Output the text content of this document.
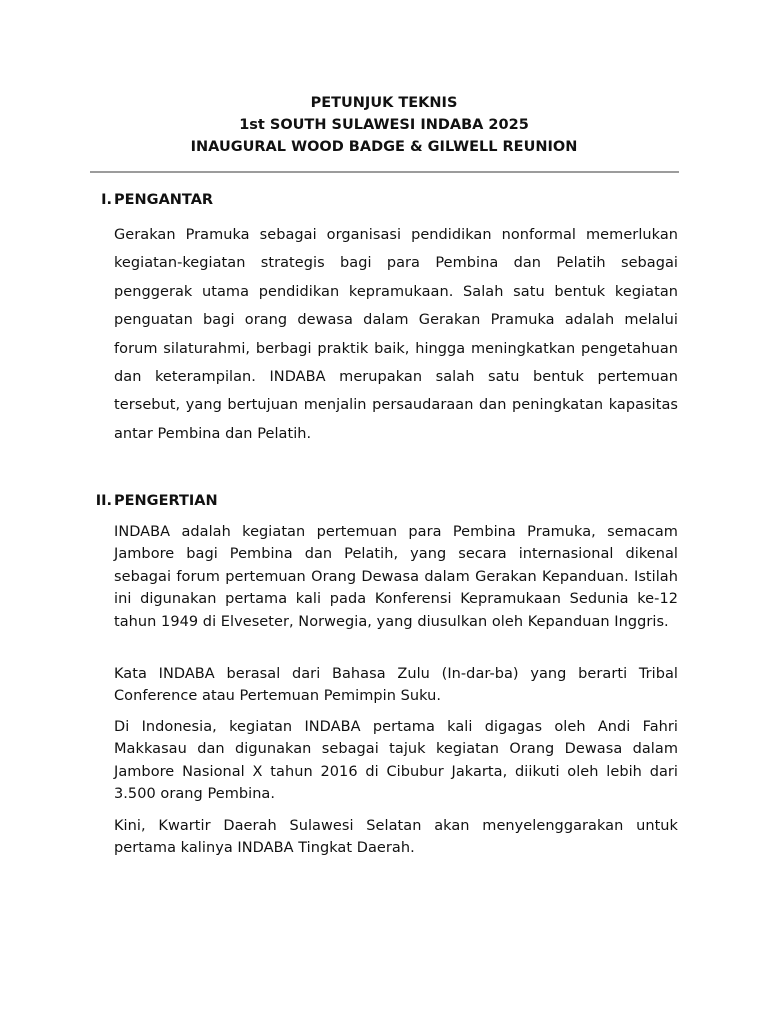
PETUNJUK TEKNIS
1st SOUTH SULAWESI INDABA 2025
INAUGURAL WOOD BADGE & GILWELL REUNION
I. PENGANTAR
Gerakan Pramuka sebagai organisasi pendidikan nonformal memerlukan kegiatan-kegiatan strategis bagi para Pembina dan Pelatih sebagai penggerak utama pendidikan kepramukaan. Salah satu bentuk kegiatan penguatan bagi orang dewasa dalam Gerakan Pramuka adalah melalui forum silaturahmi, berbagi praktik baik, hingga meningkatkan pengetahuan dan keterampilan. INDABA merupakan salah satu bentuk pertemuan tersebut, yang bertujuan menjalin persaudaraan dan peningkatan kapasitas antar Pembina dan Pelatih.
II. PENGERTIAN
INDABA adalah kegiatan pertemuan para Pembina Pramuka, semacam Jambore bagi Pembina dan Pelatih, yang secara internasional dikenal sebagai forum pertemuan Orang Dewasa dalam Gerakan Kepanduan. Istilah ini digunakan pertama kali pada Konferensi Kepramukaan Sedunia ke-12 tahun 1949 di Elveseter, Norwegia, yang diusulkan oleh Kepanduan Inggris.
Kata INDABA berasal dari Bahasa Zulu (In-dar-ba) yang berarti Tribal Conference atau Pertemuan Pemimpin Suku.
Di Indonesia, kegiatan INDABA pertama kali digagas oleh Andi Fahri Makkasau dan digunakan sebagai tajuk kegiatan Orang Dewasa dalam Jambore Nasional X tahun 2016 di Cibubur Jakarta, diikuti oleh lebih dari 3.500 orang Pembina.
Kini, Kwartir Daerah Sulawesi Selatan akan menyelenggarakan untuk pertama kalinya INDABA Tingkat Daerah.
